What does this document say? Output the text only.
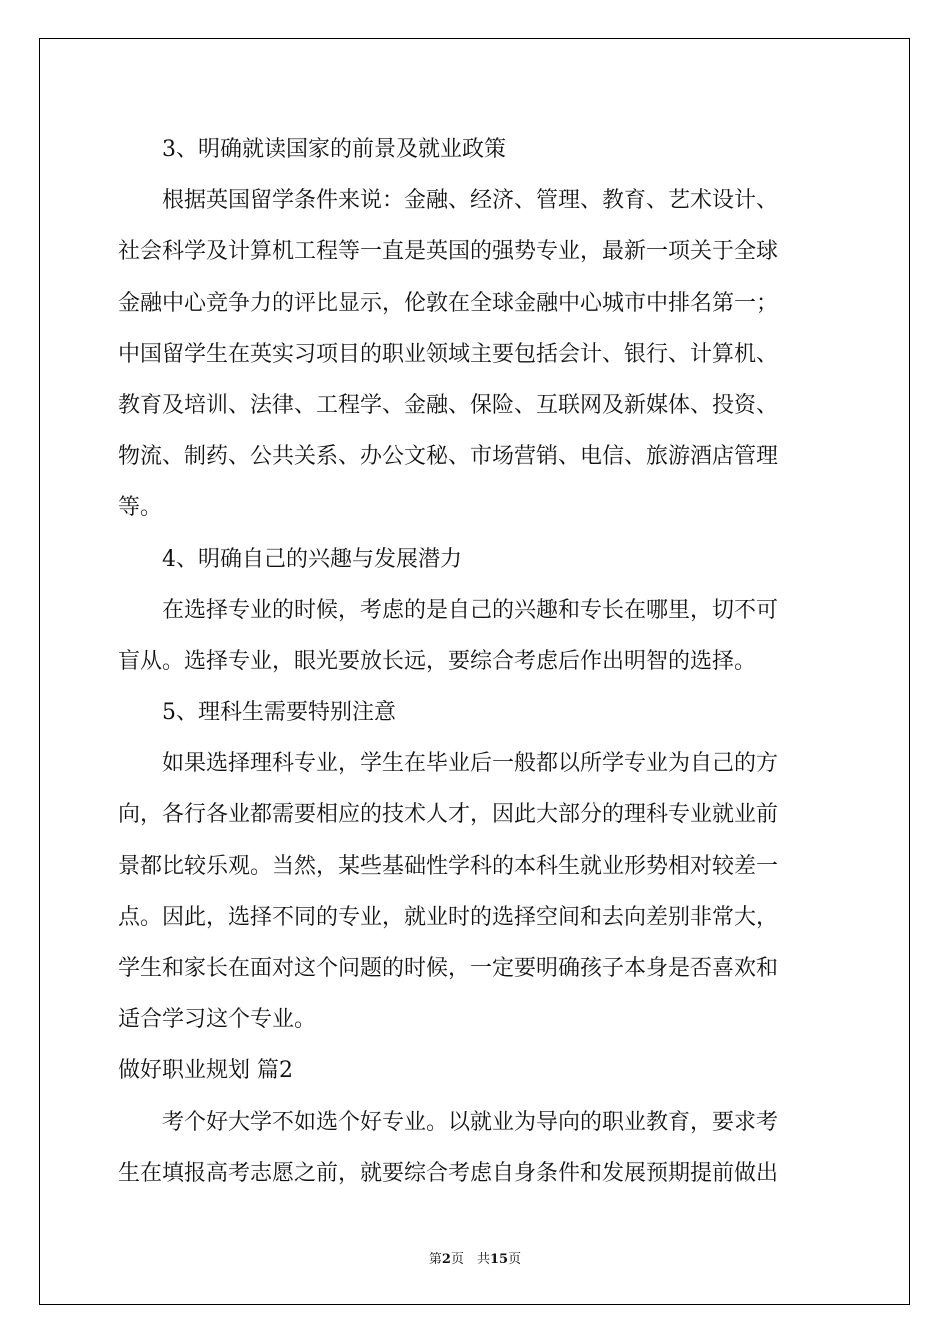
3、明确就读国家的前景及就业政策
根据英国留学条件来说：金融、经济、管理、教育、艺术设计、
社会科学及计算机工程等一直是英国的强势专业，最新一项关于全球
金融中心竞争力的评比显示，伦敦在全球金融中心城市中排名第一；
中国留学生在英实习项目的职业领域主要包括会计、银行、计算机、
教育及培训、法律、工程学、金融、保险、互联网及新媒体、投资、
物流、制药、公共关系、办公文秘、市场营销、电信、旅游酒店管理
等。
4、明确自己的兴趣与发展潜力
在选择专业的时候，考虑的是自己的兴趣和专长在哪里，切不可
盲从。选择专业，眼光要放长远，要综合考虑后作出明智的选择。
5、理科生需要特别注意
如果选择理科专业，学生在毕业后一般都以所学专业为自己的方
向，各行各业都需要相应的技术人才，因此大部分的理科专业就业前
景都比较乐观。当然，某些基础性学科的本科生就业形势相对较差一
点。因此，选择不同的专业，就业时的选择空间和去向差别非常大，
学生和家长在面对这个问题的时候，一定要明确孩子本身是否喜欢和
适合学习这个专业。
做好职业规划 篇2
考个好大学不如选个好专业。以就业为导向的职业教育，要求考
生在填报高考志愿之前，就要综合考虑自身条件和发展预期提前做出
第2页　共15页
